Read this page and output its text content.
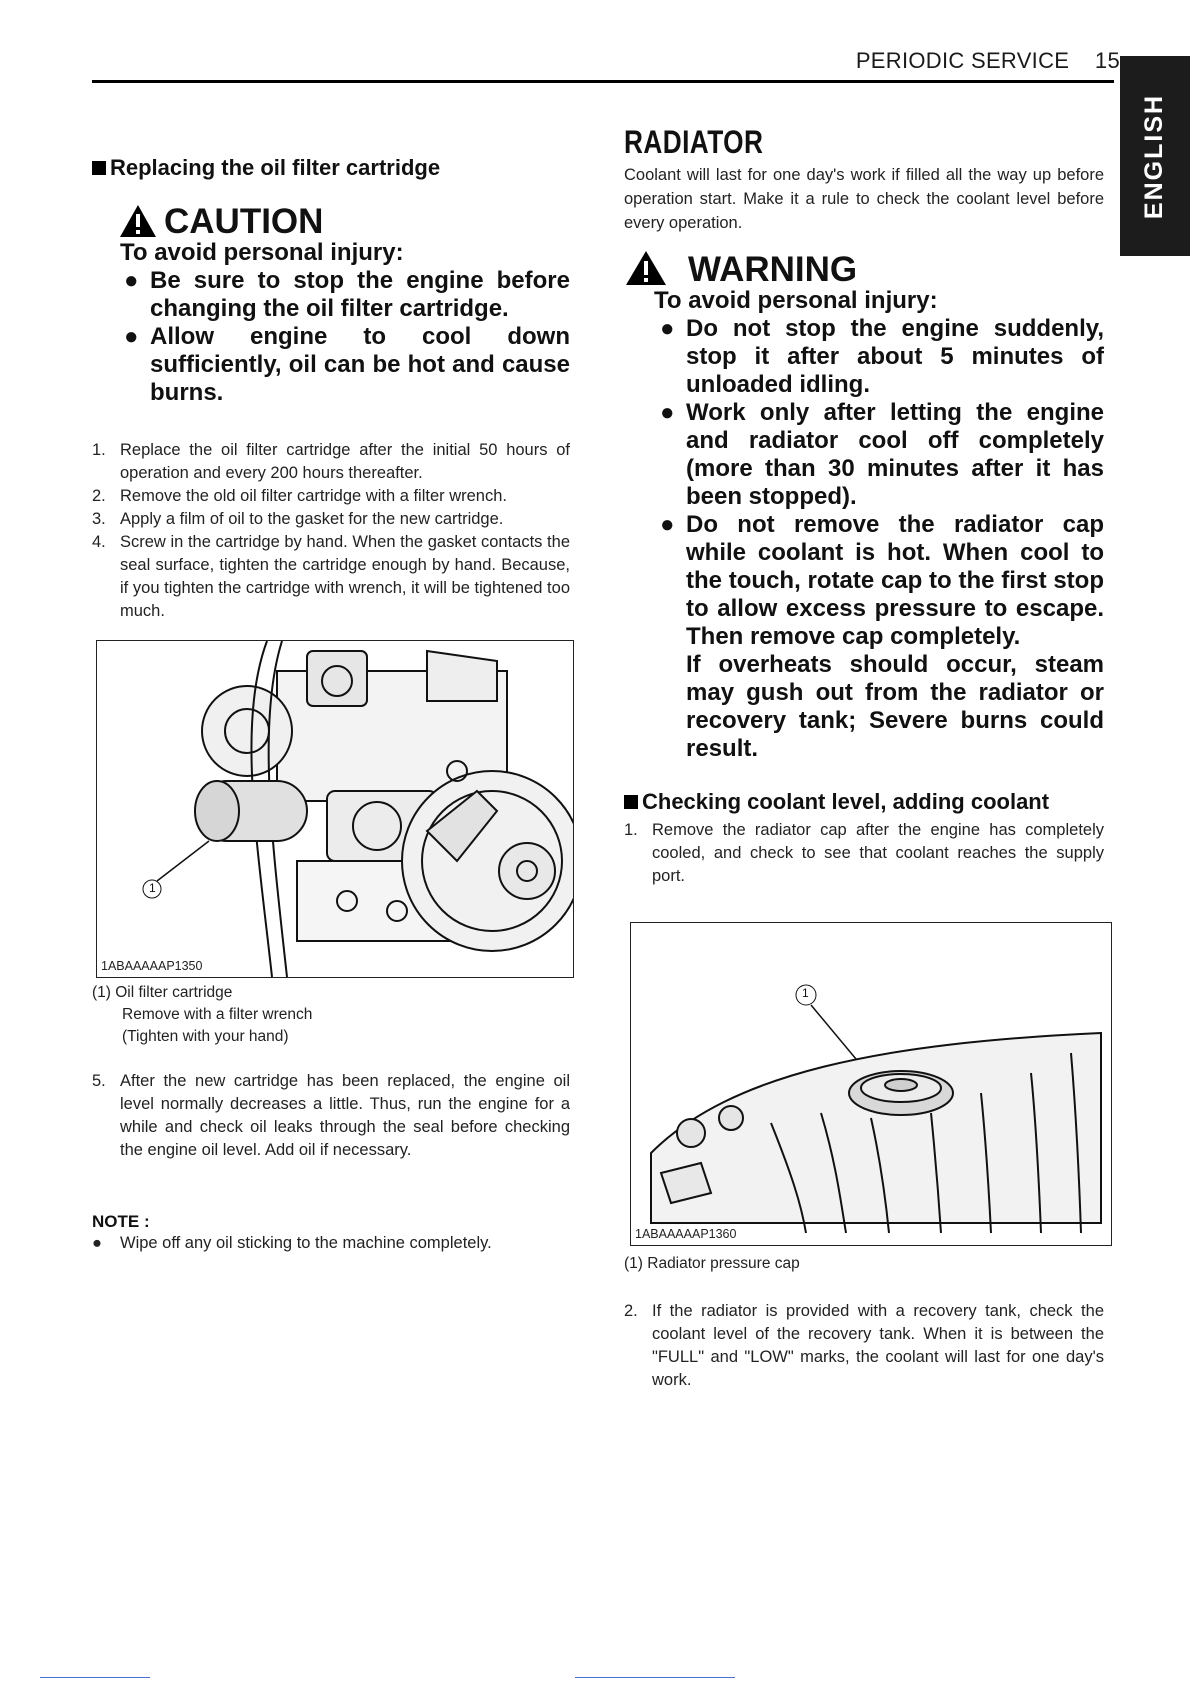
PERIODIC SERVICE 15
ENGLISH
Replacing the oil filter cartridge
CAUTION
To avoid personal injury:
● Be sure to stop the engine before changing the oil filter cartridge.
● Allow engine to cool down sufficiently, oil can be hot and cause burns.
1. Replace the oil filter cartridge after the initial 50 hours of operation and every 200 hours thereafter.
2. Remove the old oil filter cartridge with a filter wrench.
3. Apply a film of oil to the gasket for the new cartridge.
4. Screw in the cartridge by hand. When the gasket contacts the seal surface, tighten the cartridge enough by hand. Because, if you tighten the cartridge with wrench, it will be tightened too much.
1ABAAAAAP1350
1
(1) Oil filter cartridge
Remove with a filter wrench
(Tighten with your hand)
5. After the new cartridge has been replaced, the engine oil level normally decreases a little. Thus, run the engine for a while and check oil leaks through the seal before checking the engine oil level. Add oil if necessary.
NOTE :
●	Wipe off any oil sticking to the machine completely.
RADIATOR
Coolant will last for one day's work if filled all the way up before operation start. Make it a rule to check the coolant level before every operation.
WARNING
To avoid personal injury:
● Do not stop the engine suddenly, stop it after about 5 minutes of unloaded idling.
● Work only after letting the engine and radiator cool off completely (more than 30 minutes after it has been stopped).
● Do not remove the radiator cap while coolant is hot. When cool to the touch, rotate cap to the first stop to allow excess pressure to escape. Then remove cap completely.
If overheats should occur, steam may gush out from the radiator or recovery tank; Severe burns could result.
Checking coolant level, adding coolant
1. Remove the radiator cap after the engine has completely cooled, and check to see that coolant reaches the supply port.
1ABAAAAAP1360
1
(1) Radiator pressure cap
2. If the radiator is provided with a recovery tank, check the coolant level of the recovery tank. When it is between the "FULL" and "LOW" marks, the coolant will last for one day's work.
